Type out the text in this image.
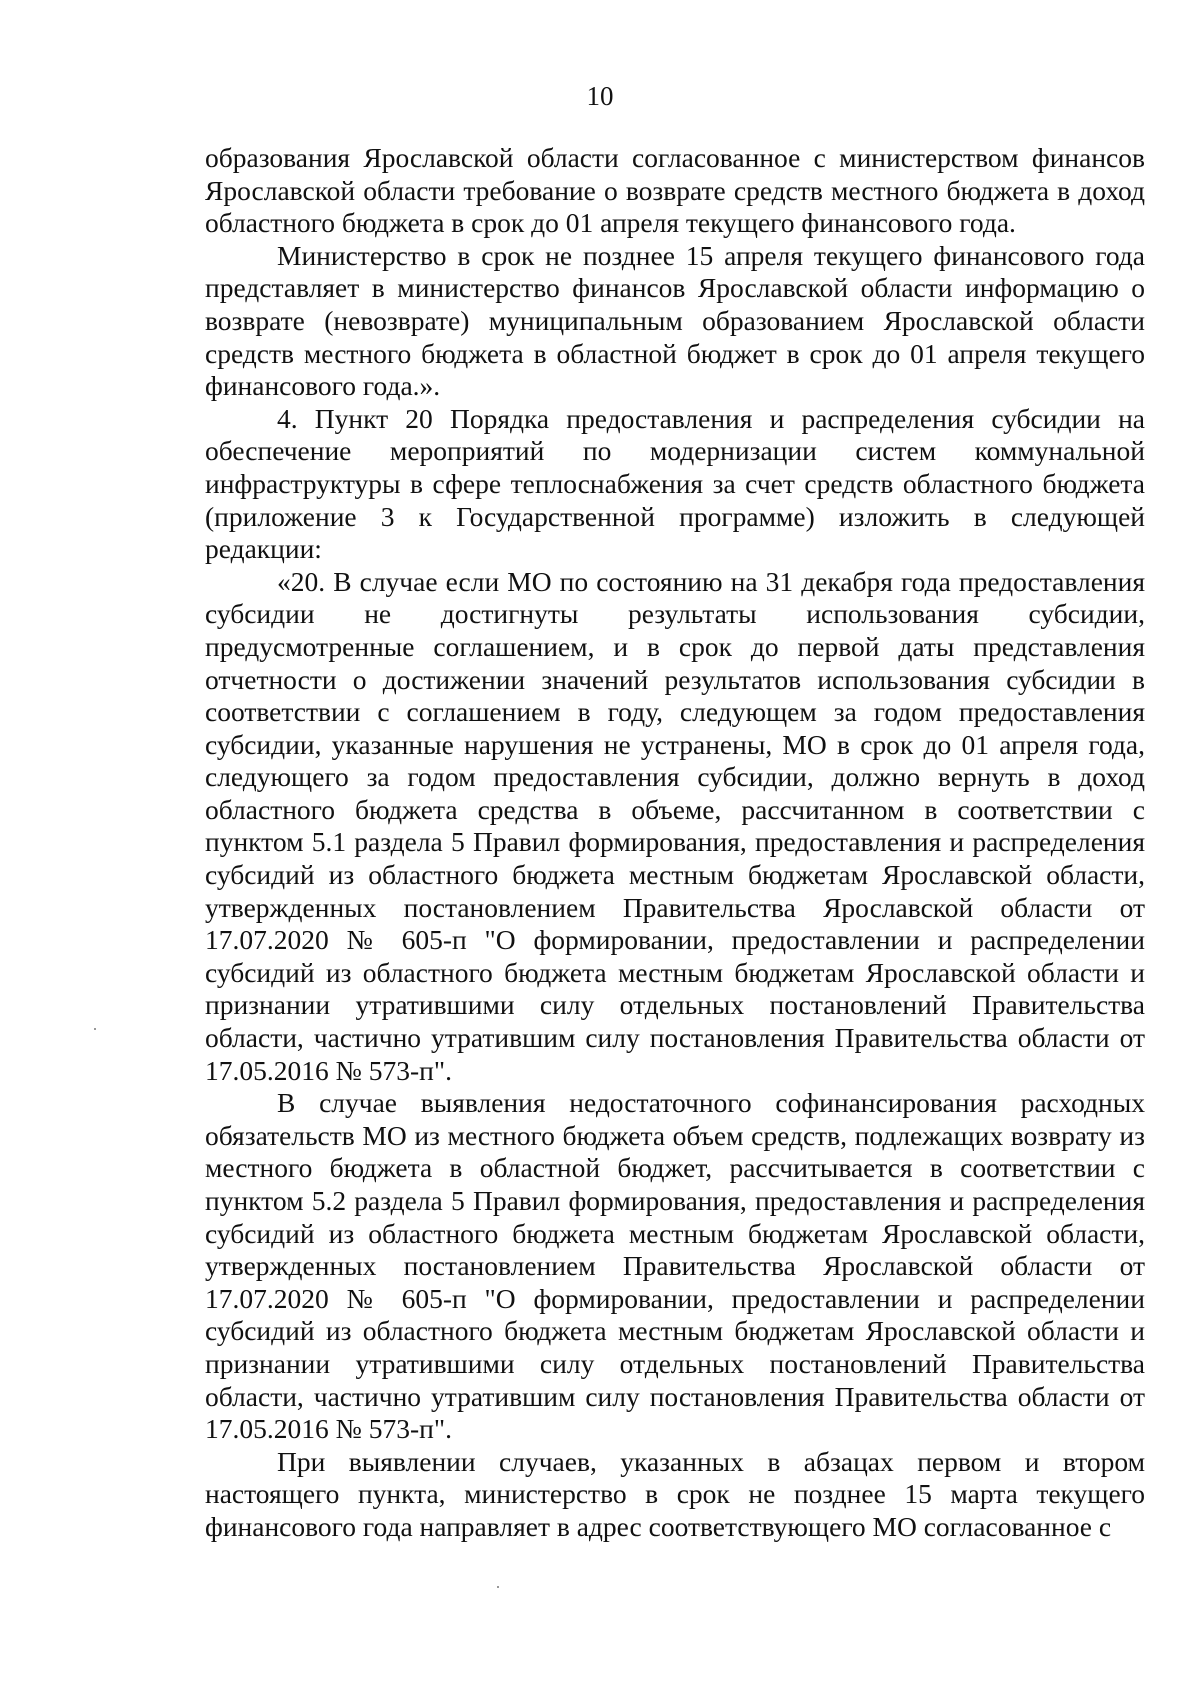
10

образования Ярославской области согласованное с министерством финансов Ярославской области требование о возврате средств местного бюджета в доход областного бюджета в срок до 01 апреля текущего финансового года.

Министерство в срок не позднее 15 апреля текущего финансового года представляет в министерство финансов Ярославской области информацию о возврате (невозврате) муниципальным образованием Ярославской области средств местного бюджета в областной бюджет в срок до 01 апреля текущего финансового года.».

4. Пункт 20 Порядка предоставления и распределения субсидии на обеспечение мероприятий по модернизации систем коммунальной инфраструктуры в сфере теплоснабжения за счет средств областного бюджета (приложение 3 к Государственной программе) изложить в следующей редакции:

«20. В случае если МО по состоянию на 31 декабря года предоставления субсидии не достигнуты результаты использования субсидии, предусмотренные соглашением, и в срок до первой даты представления отчетности о достижении значений результатов использования субсидии в соответствии с соглашением в году, следующем за годом предоставления субсидии, указанные нарушения не устранены, МО в срок до 01 апреля года, следующего за годом предоставления субсидии, должно вернуть в доход областного бюджета средства в объеме, рассчитанном в соответствии с пунктом 5.1 раздела 5 Правил формирования, предоставления и распределения субсидий из областного бюджета местным бюджетам Ярославской области, утвержденных постановлением Правительства Ярославской области от 17.07.2020 № 605-п "О формировании, предоставлении и распределении субсидий из областного бюджета местным бюджетам Ярославской области и признании утратившими силу отдельных постановлений Правительства области, частично утратившим силу постановления Правительства области от 17.05.2016 № 573-п".

В случае выявления недостаточного софинансирования расходных обязательств МО из местного бюджета объем средств, подлежащих возврату из местного бюджета в областной бюджет, рассчитывается в соответствии с пунктом 5.2 раздела 5 Правил формирования, предоставления и распределения субсидий из областного бюджета местным бюджетам Ярославской области, утвержденных постановлением Правительства Ярославской области от 17.07.2020 № 605-п "О формировании, предоставлении и распределении субсидий из областного бюджета местным бюджетам Ярославской области и признании утратившими силу отдельных постановлений Правительства области, частично утратившим силу постановления Правительства области от 17.05.2016 № 573-п".

При выявлении случаев, указанных в абзацах первом и втором настоящего пункта, министерство в срок не позднее 15 марта текущего финансового года направляет в адрес соответствующего МО согласованное с
